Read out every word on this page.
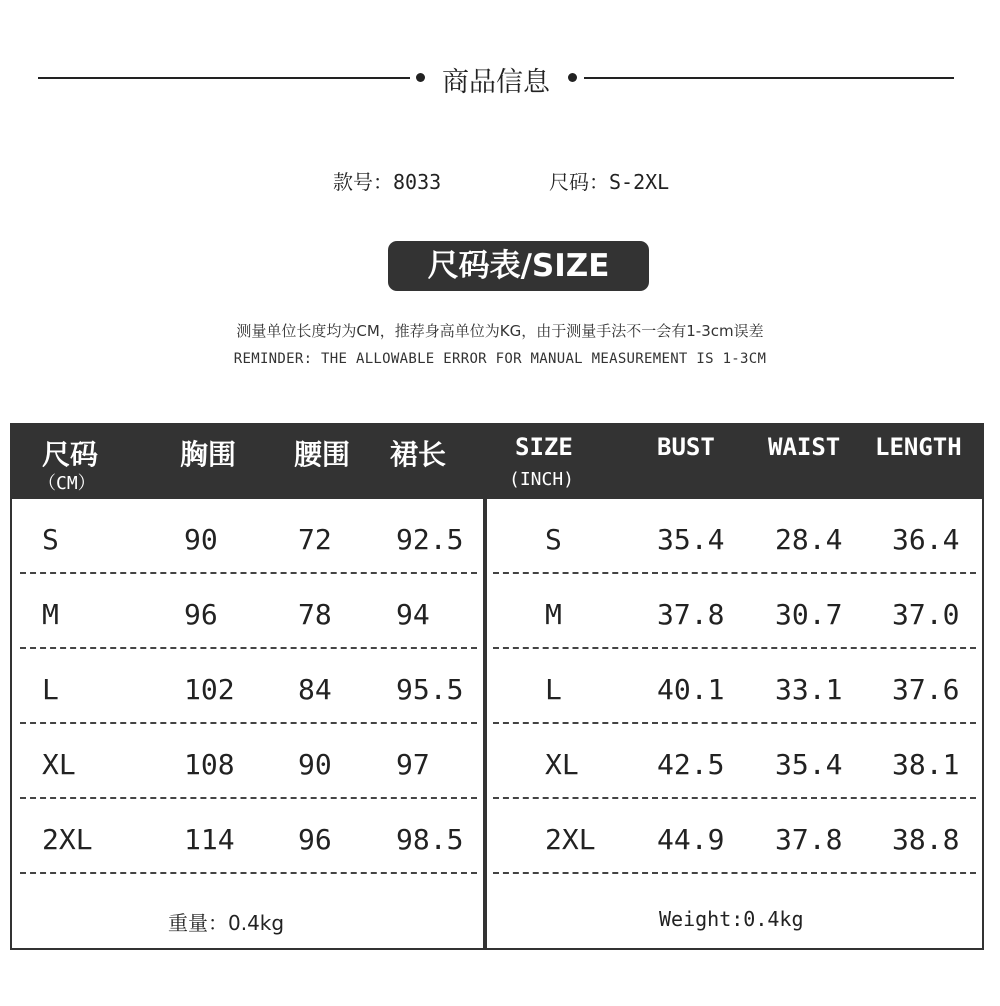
商品信息
款号：8033	尺码：S-2XL
尺码表/SIZE
测量单位长度均为CM，推荐身高单位为KG，由于测量手法不一会有1-3cm误差
REMINDER: THE ALLOWABLE ERROR FOR MANUAL MEASUREMENT IS 1-3CM
尺码
（CM）
胸围 腰围 裙长
S	90	72 92.5
M	96	78 94
L	102 84 95.5
XL	108 90 97
2XL	114 96 98.5
重量：0.4kg
SIZE
(INCH)
BUST WAIST LENGTH
S	35.4 28.4 36.4
M	37.8 30.7 37.0
L	40.1 33.1 37.6
XL	42.5 35.4 38.1
2XL 44.9 37.8 38.8
Weight:0.4kg
